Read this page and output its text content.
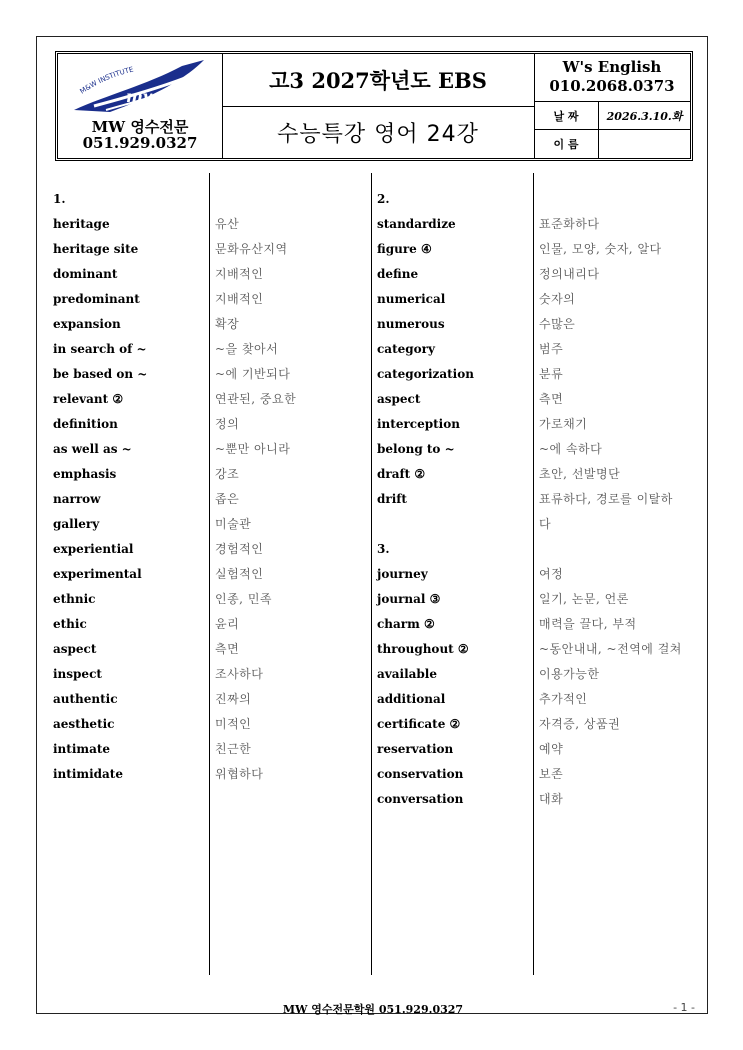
mw
M&W INSTITUTE
MW 영수전문
051.929.0327
고3 2027학년도 EBS
수능특강 영어 24강
W's English
010.2068.0373
날 짜	2026.3.10.화
이 름
1.
heritage
heritage site
dominant
predominant
expansion
in search of ~
be based on ~
relevant ②
definition
as well as ~
emphasis
narrow
gallery
experiential
experimental
ethnic
ethic
aspect
inspect
authentic
aesthetic
intimate
intimidate
유산
문화유산지역
지배적인
지배적인
확장
~을 찾아서
~에 기반되다
연관된, 중요한
정의
~뿐만 아니라
강조
좁은
미술관
경험적인
실험적인
인종, 민족
윤리
측면
조사하다
진짜의
미적인
친근한
위협하다
2.
standardize
figure ④
define
numerical
numerous
category
categorization
aspect
interception
belong to ~
draft ②
drift
3.
journey
journal ③
charm ②
throughout ②
available
additional
certificate ②
reservation
conservation
conversation
표준화하다
인물, 모양, 숫자, 알다
정의내리다
숫자의
수많은
범주
분류
측면
가로채기
~에 속하다
초안, 선발명단
표류하다, 경로를 이탈하
다
여정
일기, 논문, 언론
매력을 끌다, 부적
~동안내내, ~전역에 걸쳐
이용가능한
추가적인
자격증, 상품권
예약
보존
대화
MW 영수전문학원 051.929.0327	- 1 -
